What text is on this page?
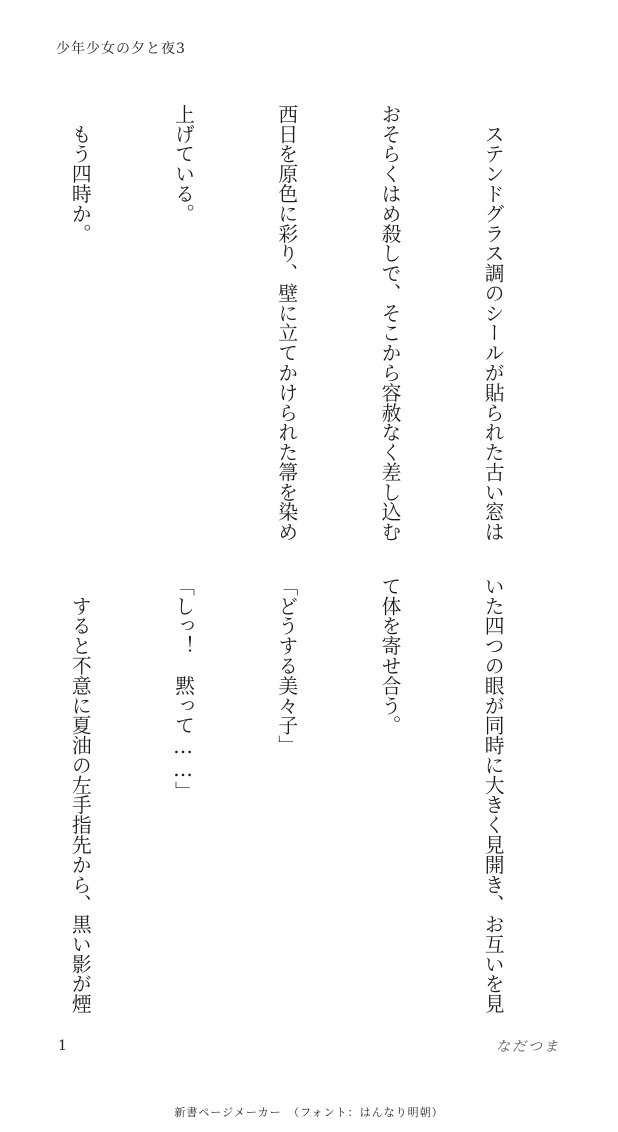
少年少女の夕と夜3

　ステンドグラス調のシールが貼られた古い窓は

おそらくはめ殺しで、そこから容赦なく差し込む

西日を原色に彩り、壁に立てかけられた箒を染め

上げている。

　もう四時か。

いた四つの眼が同時に大きく見開き、お互いを見

て体を寄せ合う。

「どうする美々子」

「しっ！　黙って……」

　すると不意に夏油の左手指先から、黒い影が煙

1	なだつま
新書ページメーカー　（フォント：はんなり明朝）
